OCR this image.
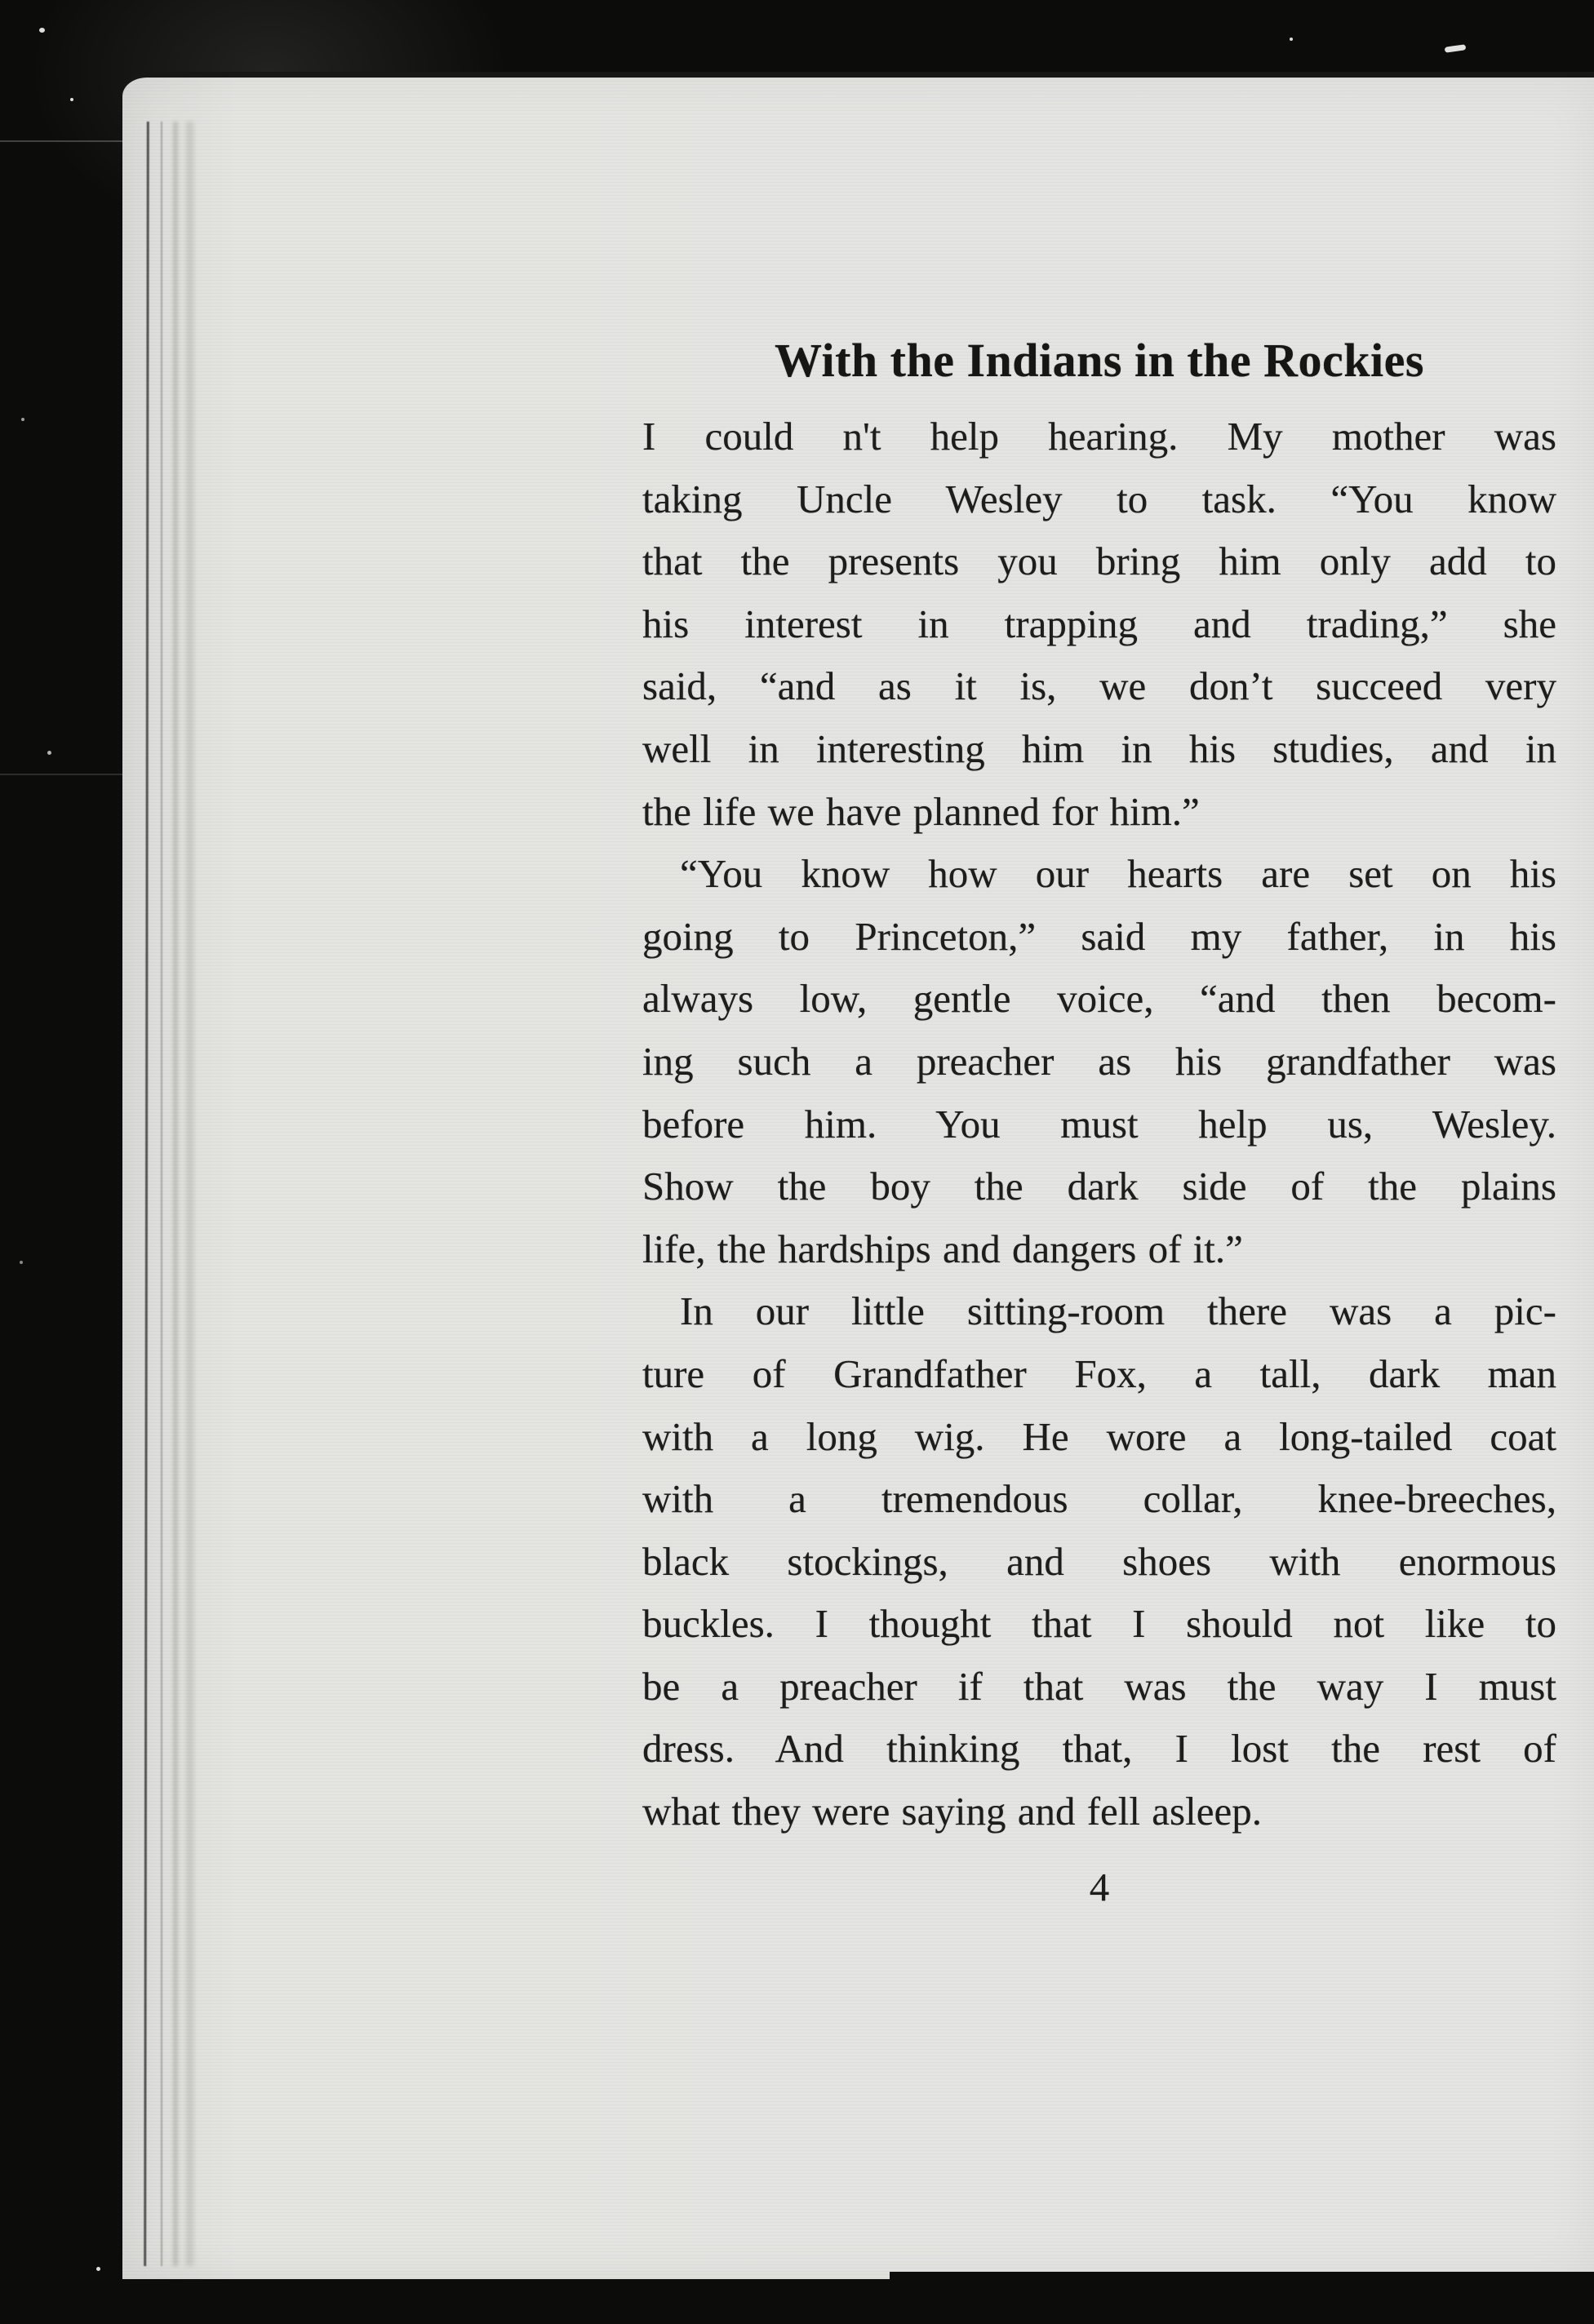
With the Indians in the Rockies
I could n't help hearing. My mother was
taking Uncle Wesley to task. “You know
that the presents you bring him only add to
his interest in trapping and trading,” she
said, “and as it is, we don’t succeed very
well in interesting him in his studies, and in
the life we have planned for him.”
“You know how our hearts are set on his
going to Princeton,” said my father, in his
always low, gentle voice, “and then becom-
ing such a preacher as his grandfather was
before him. You must help us, Wesley.
Show the boy the dark side of the plains
life, the hardships and dangers of it.”
In our little sitting-room there was a pic-
ture of Grandfather Fox, a tall, dark man
with a long wig. He wore a long-tailed coat
with a tremendous collar, knee-breeches,
black stockings, and shoes with enormous
buckles. I thought that I should not like to
be a preacher if that was the way I must
dress. And thinking that, I lost the rest of
what they were saying and fell asleep.
4
